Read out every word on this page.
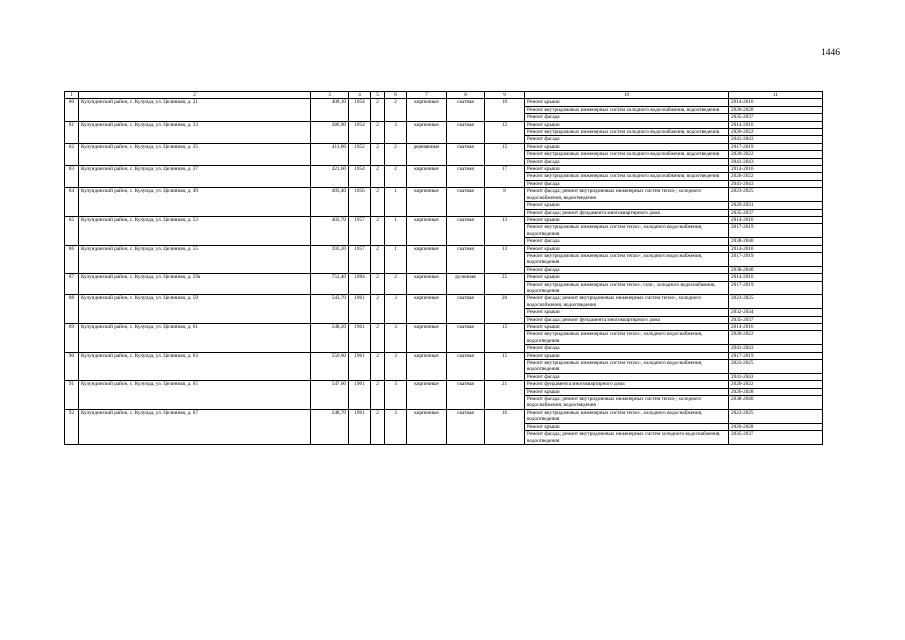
1446
1	2	3	4	5	6	7	8	9	10	11
80	Кулундинский район, с. Кулунда, ул. Целинная, д. 31	408,10	1954	2	2	кирпичные	скатная	10	Ремонт крыши	2014-2016
									Ремонт внутридомовых инженерных систем холодного водоснабжения, водоотведения	2026-2028
									Ремонт фасада	2035-2037
81	Кулундинский район, с. Кулунда, ул. Целинная, д. 33	386,90	1954	2	3	кирпичные	скатная	12	Ремонт крыши	2014-2016
									Ремонт внутридомовых инженерных систем холодного водоснабжения, водоотведения	2020-2022
									Ремонт фасада	2041-2043
82	Кулундинский район, с. Кулунда, ул. Целинная, д. 35	411,00	1952	2	2	деревянные	скатная	15	Ремонт крыши	2017-2019
									Ремонт внутридомовых инженерных систем холодного водоснабжения, водоотведения	2020-2022
									Ремонт фасада	2041-2043
83	Кулундинский район, с. Кулунда, ул. Целинная, д. 37	421,60	1954	2	2	кирпичные	скатная	17	Ремонт крыши	2014-2016
									Ремонт внутридомовых инженерных систем холодного водоснабжения, водоотведения	2020-2022
									Ремонт фасада	2041-2043
84	Кулундинский район, с. Кулунда, ул. Целинная, д. 49	405,40	1956	2	1	кирпичные	скатная	8	Ремонт фасада; ремонт внутридомовых инженерных систем тепло-, холодного водоснабжения, водоотведения	2023-2025
									Ремонт крыши	2029-2031
									Ремонт фасада; ремонт фундамента многоквартирного дома	2035-2037
85	Кулундинский район, с. Кулунда, ул. Целинная, д. 53	402,70	1957	2	1	кирпичные	скатная	13	Ремонт крыши	2014-2016
									Ремонт внутридомовых инженерных систем тепло-, холодного водоснабжения, водоотведения	2017-2019
									Ремонт фасада	2038-2040
86	Кулундинский район, с. Кулунда, ул. Целинная, д. 55	393,20	1957	2	1	кирпичные	скатная	13	Ремонт крыши	2014-2016
									Ремонт внутридомовых инженерных систем тепло-, холодного водоснабжения, водоотведения	2017-2019
									Ремонт фасада	2038-2040
87	Кулундинский район, с. Кулунда, ул. Целинная, д. 59а	753,40	1984	2	2	кирпичные	рулонная	25	Ремонт крыши	2014-2016
									Ремонт внутридомовых инженерных систем тепло-, газо-, холодного водоснабжения, водоотведения	2017-2019
88	Кулундинский район, с. Кулунда, ул. Целинная, д. 59	543,70	1961	2	3	кирпичные	скатная	20	Ремонт фасада; ремонт внутридомовых инженерных систем тепло-, холодного водоснабжения, водоотведения	2023-2025
									Ремонт крыши	2032-2034
									Ремонт фасада; ремонт фундамента многоквартирного дома	2035-2037
89	Кулундинский район, с. Кулунда, ул. Целинная, д. 61	548,20	1961	2	3	кирпичные	скатная	15	Ремонт крыши	2014-2016
									Ремонт внутридомовых инженерных систем тепло-, холодного водоснабжения, водоотведения	2020-2022
									Ремонт фасада	2041-2043
90	Кулундинский район, с. Кулунда, ул. Целинная, д. 63	550,60	1961	2	3	кирпичные	скатная	15	Ремонт крыши	2017-2019
									Ремонт внутридомовых инженерных систем тепло-, холодного водоснабжения, водоотведения	2023-2025
									Ремонт фасада	2041-2043
91	Кулундинский район, с. Кулунда, ул. Целинная, д. 65	547,60	1961	2	3	кирпичные	скатная	21	Ремонт фундамента многоквартирного дома	2020-2022
									Ремонт крыши	2026-2028
									Ремонт фасада; ремонт внутридомовых инженерных систем тепло-, холодного водоснабжения, водоотведения	2038-2040
92	Кулундинский район, с. Кулунда, ул. Целинная, д. 67	548,70	1961	2	3	кирпичные	скатная	16	Ремонт внутридомовых инженерных систем тепло-, холодного водоснабжения, водоотведения	2023-2025
									Ремонт крыши	2026-2028
									Ремонт фасада; ремонт внутридомовых инженерных систем холодного водоснабжения, водоотведения	2035-2037
